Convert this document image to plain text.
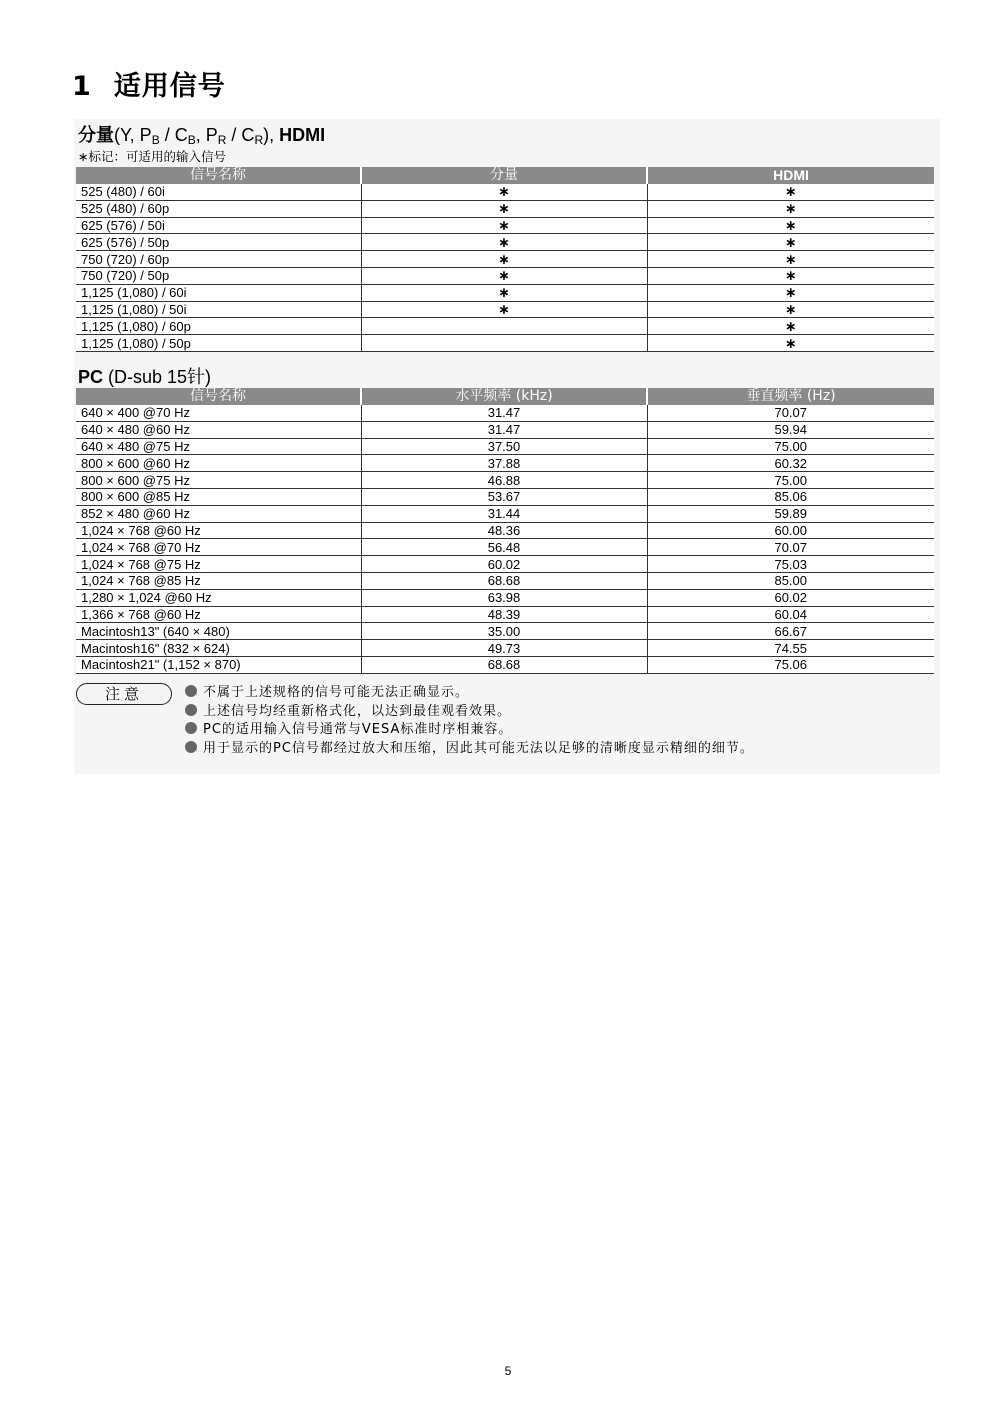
1 适用信号
分量(Y, $P_B / C_B$, $P_R / C_R$), HDMI
∗标记：可适用的输入信号
信号名称	分量	HDMI
525 (480) / 60i	∗	∗
525 (480) / 60p	∗	∗
625 (576) / 50i	∗	∗
625 (576) / 50p	∗	∗
750 (720) / 60p	∗	∗
750 (720) / 50p	∗	∗
1,125 (1,080) / 60i	∗	∗
1,125 (1,080) / 50i	∗	∗
1,125 (1,080) / 60p		∗
1,125 (1,080) / 50p		∗
PC (D-sub 15针)
信号名称	水平频率 (kHz)	垂直频率 (Hz)
640 × 400 @70 Hz	31.47	70.07
640 × 480 @60 Hz	31.47	59.94
640 × 480 @75 Hz	37.50	75.00
800 × 600 @60 Hz	37.88	60.32
800 × 600 @75 Hz	46.88	75.00
800 × 600 @85 Hz	53.67	85.06
852 × 480 @60 Hz	31.44	59.89
1,024 × 768 @60 Hz	48.36	60.00
1,024 × 768 @70 Hz	56.48	70.07
1,024 × 768 @75 Hz	60.02	75.03
1,024 × 768 @85 Hz	68.68	85.00
1,280 × 1,024 @60 Hz	63.98	60.02
1,366 × 768 @60 Hz	48.39	60.04
Macintosh13" (640 × 480)	35.00	66.67
Macintosh16" (832 × 624)	49.73	74.55
Macintosh21" (1,152 × 870)	68.68	75.06
注意	不属于上述规格的信号可能无法正确显示。
上述信号均经重新格式化，以达到最佳观看效果。
PC的适用输入信号通常与VESA标准时序相兼容。
用于显示的PC信号都经过放大和压缩，因此其可能无法以足够的清晰度显示精细的细节。
5
